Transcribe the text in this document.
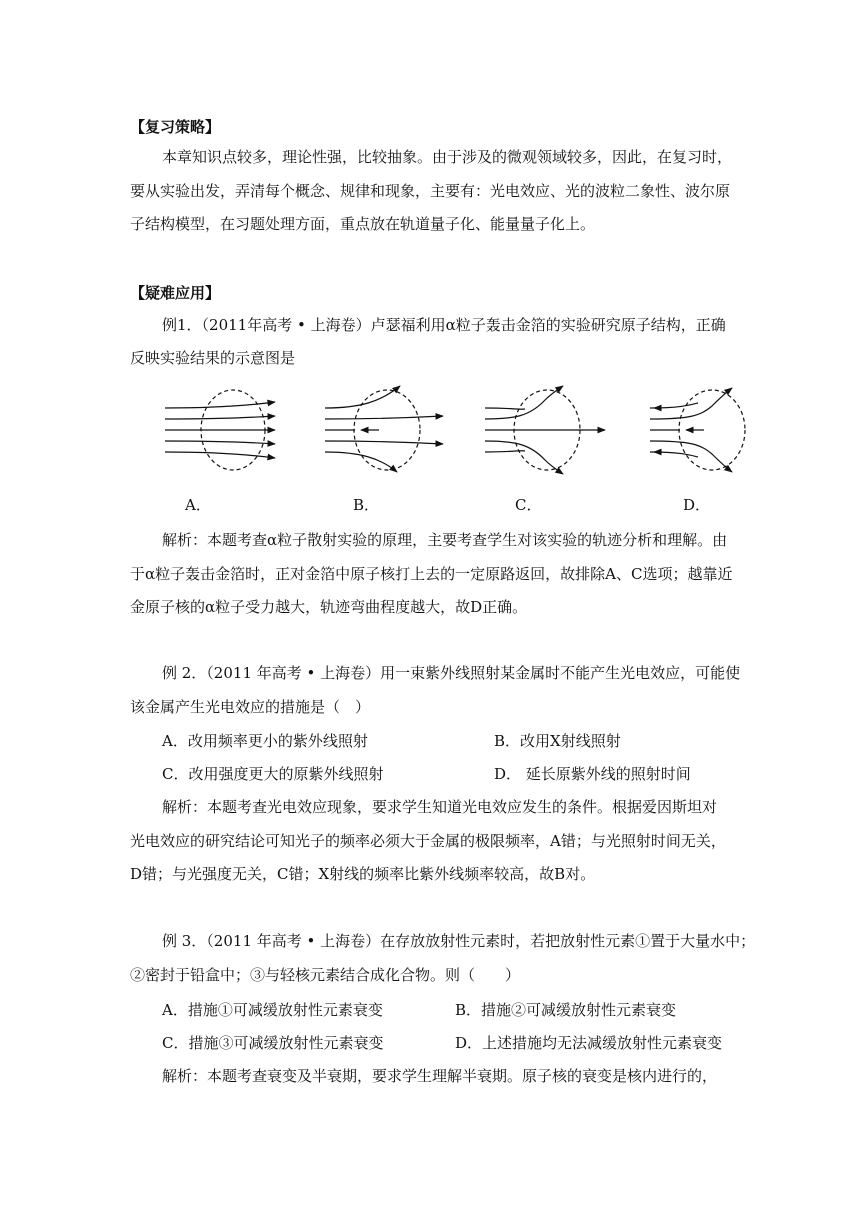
【复习策略】
本章知识点较多，理论性强，比较抽象。由于涉及的微观领域较多，因此，在复习时，
要从实验出发，弄清每个概念、规律和现象，主要有：光电效应、光的波粒二象性、波尔原
子结构模型，在习题处理方面，重点放在轨道量子化、能量量子化上。
【疑难应用】
例1．（2011年高考 • 上海卷）卢瑟福利用α粒子轰击金箔的实验研究原子结构，正确
反映实验结果的示意图是
A．	B．	C．	D．
解析：本题考查α粒子散射实验的原理，主要考查学生对该实验的轨迹分析和理解。由
于α粒子轰击金箔时，正对金箔中原子核打上去的一定原路返回，故排除A、C选项；越靠近
金原子核的α粒子受力越大，轨迹弯曲程度越大，故D正确。
例 2．（2011 年高考 • 上海卷）用一束紫外线照射某金属时不能产生光电效应，可能使
该金属产生光电效应的措施是（　）
A．改用频率更小的紫外线照射	B．改用X射线照射
C．改用强度更大的原紫外线照射	D． 延长原紫外线的照射时间
解析：本题考查光电效应现象，要求学生知道光电效应发生的条件。根据爱因斯坦对
光电效应的研究结论可知光子的频率必须大于金属的极限频率，A错；与光照射时间无关，
D错；与光强度无关，C错；X射线的频率比紫外线频率较高，故B对。
例 3．（2011 年高考 • 上海卷）在存放放射性元素时，若把放射性元素①置于大量水中；
②密封于铅盒中；③与轻核元素结合成化合物。则（　　）
A．措施①可减缓放射性元素衰变	B．措施②可减缓放射性元素衰变
C．措施③可减缓放射性元素衰变	D．上述措施均无法减缓放射性元素衰变
解析：本题考查衰变及半衰期，要求学生理解半衰期。原子核的衰变是核内进行的，
